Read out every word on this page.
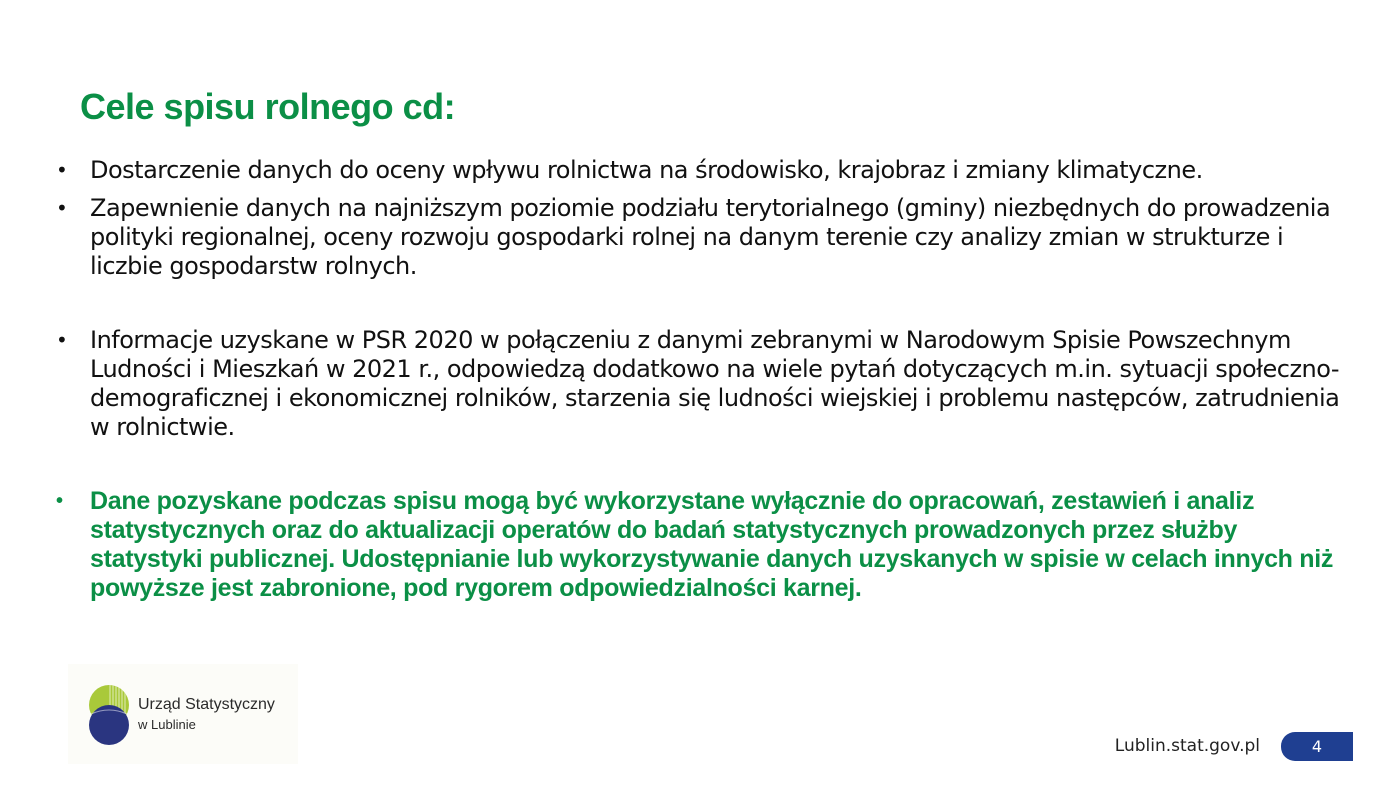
Cele spisu rolnego cd:
• Dostarczenie danych do oceny wpływu rolnictwa na środowisko, krajobraz i zmiany klimatyczne.
• Zapewnienie danych na najniższym poziomie podziału terytorialnego (gminy) niezbędnych do prowadzenia polityki regionalnej, oceny rozwoju gospodarki rolnej na danym terenie czy analizy zmian w strukturze i liczbie gospodarstw rolnych.
• Informacje uzyskane w PSR 2020 w połączeniu z danymi zebranymi w Narodowym Spisie Powszechnym Ludności i Mieszkań w 2021 r., odpowiedzą dodatkowo na wiele pytań dotyczących m.in. sytuacji społeczno-demograficznej i ekonomicznej rolników, starzenia się ludności wiejskiej i problemu następców, zatrudnienia w rolnictwie.
• Dane pozyskane podczas spisu mogą być wykorzystane wyłącznie do opracowań, zestawień i analiz statystycznych oraz do aktualizacji operatów do badań statystycznych prowadzonych przez służby statystyki publicznej. Udostępnianie lub wykorzystywanie danych uzyskanych w spisie w celach innych niż powyższe jest zabronione, pod rygorem odpowiedzialności karnej.
Urząd Statystyczny
w Lublinie
Lublin.stat.gov.pl	4
